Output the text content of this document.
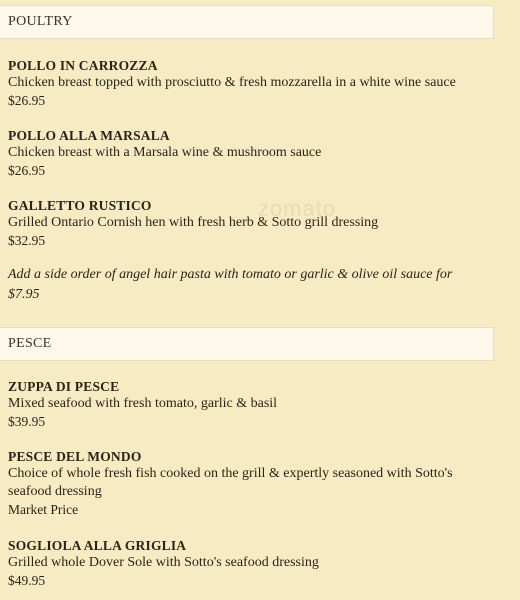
POULTRY
POLLO IN CARROZZA
Chicken breast topped with prosciutto & fresh mozzarella in a white wine sauce
$26.95
POLLO ALLA MARSALA
Chicken breast with a Marsala wine & mushroom sauce
$26.95
GALLETTO RUSTICO
Grilled Ontario Cornish hen with fresh herb & Sotto grill dressing
$32.95
Add a side order of angel hair pasta with tomato or garlic & olive oil sauce for $7.95
PESCE
ZUPPA DI PESCE
Mixed seafood with fresh tomato, garlic & basil
$39.95
PESCE DEL MONDO
Choice of whole fresh fish cooked on the grill & expertly seasoned with Sotto's seafood dressing
Market Price
SOGLIOLA ALLA GRIGLIA
Grilled whole Dover Sole with Sotto's seafood dressing
$49.95
zomato
